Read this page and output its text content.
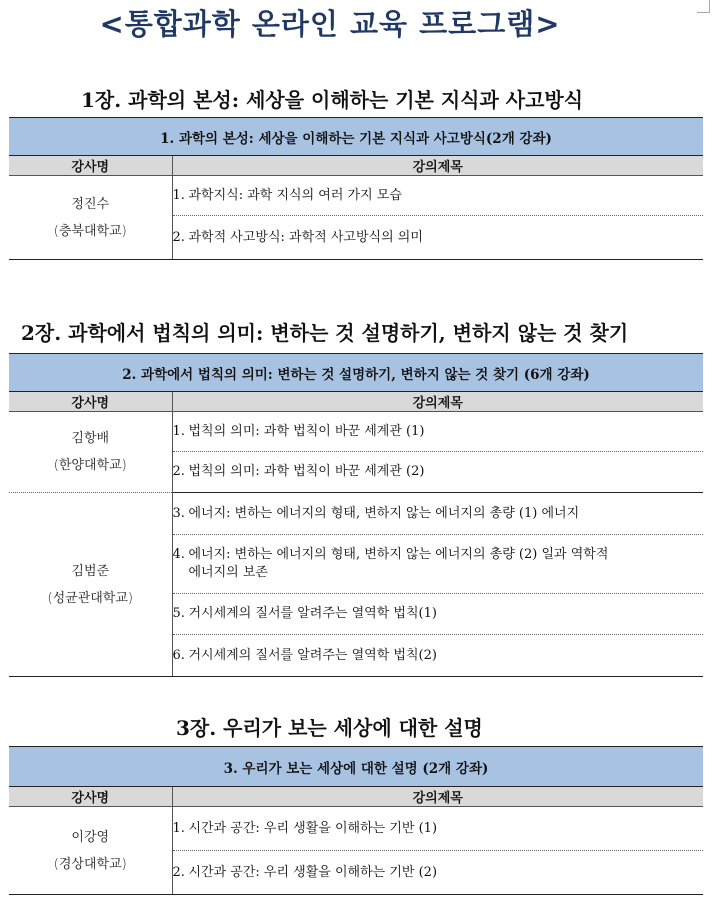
<통합과학 온라인 교육 프로그램>
1장. 과학의 본성: 세상을 이해하는 기본 지식과 사고방식
1. 과학의 본성: 세상을 이해하는 기본 지식과 사고방식(2개 강좌)	
강사명	강의제목

정진수
(충북대학교)	1. 과학지식: 과학 지식의 여러 가지 모습
	2. 과학적 사고방식: 과학적 사고방식의 의미
2장. 과학에서 법칙의 의미: 변하는 것 설명하기, 변하지 않는 것 찾기
2. 과학에서 법칙의 의미: 변하는 것 설명하기, 변하지 않는 것 찾기 (6개 강좌)	
강사명	강의제목

김항배
(한양대학교)	1. 법칙의 의미: 과학 법칙이 바꾼 세계관 (1)
	2. 법칙의 의미: 과학 법칙이 바꾼 세계관 (2)

김범준
(성균관대학교)	3. 에너지: 변하는 에너지의 형태, 변하지 않는 에너지의 총량 (1) 에너지
	4. 에너지: 변하는 에너지의 형태, 변하지 않는 에너지의 총량 (2) 일과 역학적 에너지의 보존
	5. 거시세계의 질서를 알려주는 열역학 법칙(1)
	6. 거시세계의 질서를 알려주는 열역학 법칙(2)
3장. 우리가 보는 세상에 대한 설명
3. 우리가 보는 세상에 대한 설명 (2개 강좌)	
강사명	강의제목

이강영
(경상대학교)	1. 시간과 공간: 우리 생활을 이해하는 기반 (1)
	2. 시간과 공간: 우리 생활을 이해하는 기반 (2)
